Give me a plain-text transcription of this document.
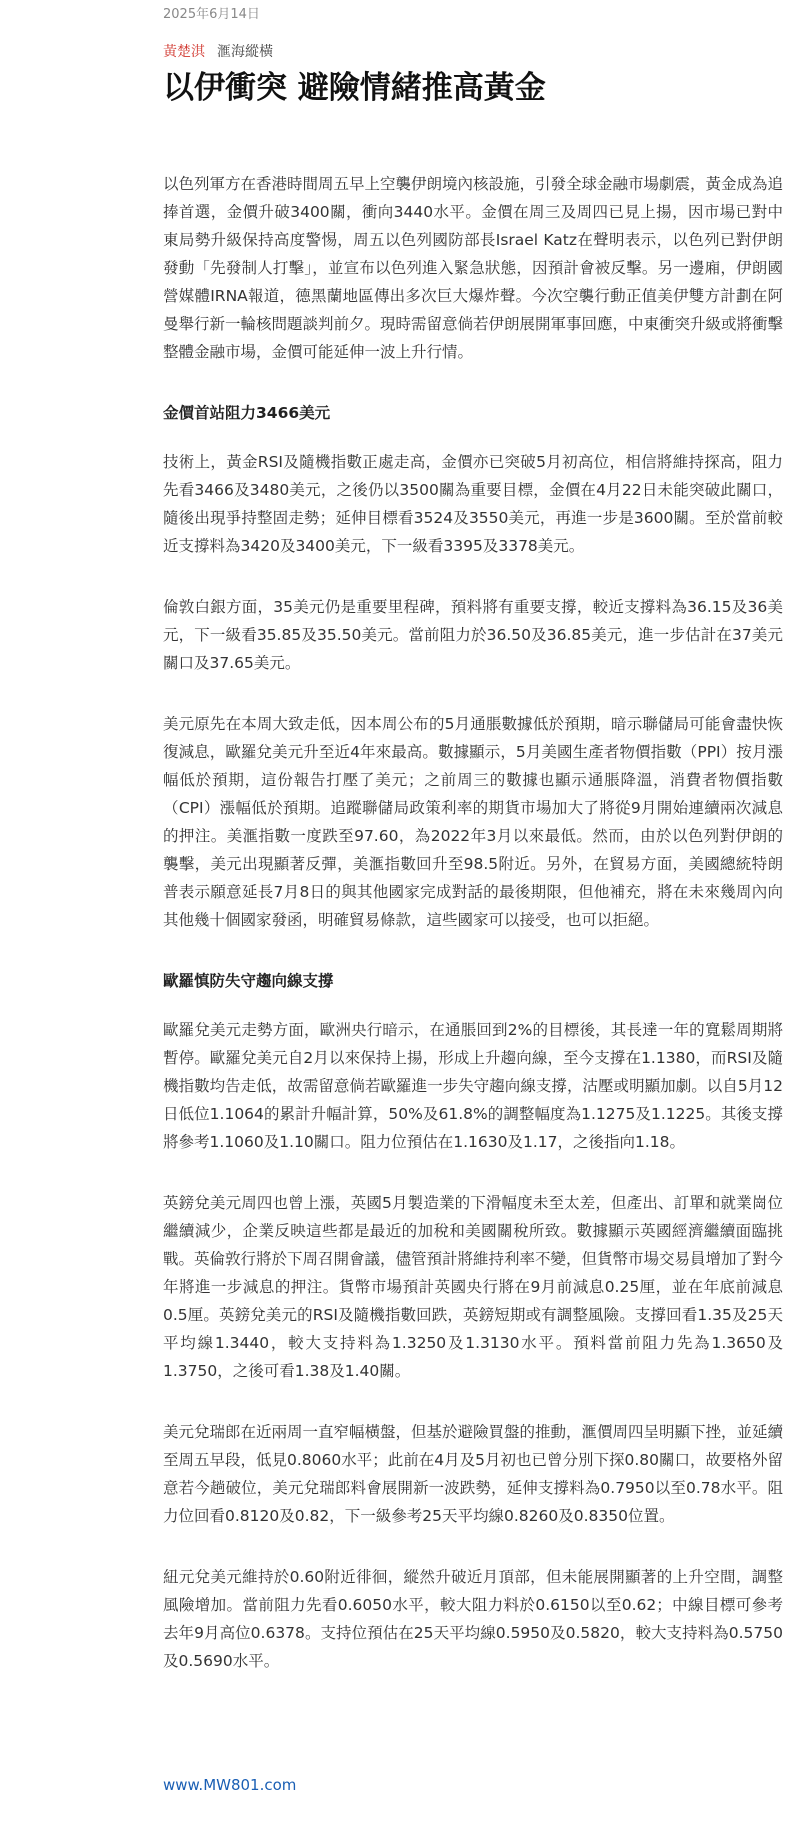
2025年6月14日
黃楚淇 滙海縱橫
以伊衝突 避險情緒推高黃金

以色列軍方在香港時間周五早上空襲伊朗境內核設施，引發全球金融市場劇震，黃金成為追捧首選，金價升破3400關，衝向3440水平。金價在周三及周四已見上揚，因市場已對中東局勢升級保持高度警惕，周五以色列國防部長Israel Katz在聲明表示，以色列已對伊朗發動「先發制人打擊」，並宣布以色列進入緊急狀態，因預計會被反擊。另一邊廂，伊朗國營媒體IRNA報道，德黑蘭地區傳出多次巨大爆炸聲。今次空襲行動正值美伊雙方計劃在阿曼舉行新一輪核問題談判前夕。現時需留意倘若伊朗展開軍事回應，中東衝突升級或將衝擊整體金融市場，金價可能延伸一波上升行情。

金價首站阻力3466美元

技術上，黃金RSI及隨機指數正處走高，金價亦已突破5月初高位，相信將維持探高，阻力先看3466及3480美元，之後仍以3500關為重要目標，金價在4月22日未能突破此關口，隨後出現爭持整固走勢；延伸目標看3524及3550美元，再進一步是3600關。至於當前較近支撐料為3420及3400美元，下一級看3395及3378美元。

倫敦白銀方面，35美元仍是重要里程碑，預料將有重要支撐，較近支撐料為36.15及36美元，下一級看35.85及35.50美元。當前阻力於36.50及36.85美元，進一步估計在37美元關口及37.65美元。

美元原先在本周大致走低，因本周公布的5月通脹數據低於預期，暗示聯儲局可能會盡快恢復減息，歐羅兌美元升至近4年來最高。數據顯示，5月美國生產者物價指數（PPI）按月漲幅低於預期，這份報告打壓了美元；之前周三的數據也顯示通脹降溫，消費者物價指數（CPI）漲幅低於預期。追蹤聯儲局政策利率的期貨市場加大了將從9月開始連續兩次減息的押注。美滙指數一度跌至97.60，為2022年3月以來最低。然而，由於以色列對伊朗的襲擊，美元出現顯著反彈，美滙指數回升至98.5附近。另外，在貿易方面，美國總統特朗普表示願意延長7月8日的與其他國家完成對話的最後期限，但他補充，將在未來幾周內向其他幾十個國家發函，明確貿易條款，這些國家可以接受，也可以拒絕。

歐羅慎防失守趨向線支撐

歐羅兌美元走勢方面，歐洲央行暗示，在通脹回到2%的目標後，其長達一年的寬鬆周期將暫停。歐羅兌美元自2月以來保持上揚，形成上升趨向線，至今支撐在1.1380，而RSI及隨機指數均告走低，故需留意倘若歐羅進一步失守趨向線支撐，沽壓或明顯加劇。以自5月12日低位1.1064的累計升幅計算，50%及61.8%的調整幅度為1.1275及1.1225。其後支撐將參考1.1060及1.10關口。阻力位預估在1.1630及1.17，之後指向1.18。

英鎊兌美元周四也曾上漲，英國5月製造業的下滑幅度未至太差，但產出、訂單和就業崗位繼續減少，企業反映這些都是最近的加稅和美國關稅所致。數據顯示英國經濟繼續面臨挑戰。英倫敦行將於下周召開會議，儘管預計將維持利率不變，但貨幣市場交易員增加了對今年將進一步減息的押注。貨幣市場預計英國央行將在9月前減息0.25厘，並在年底前減息0.5厘。英鎊兌美元的RSI及隨機指數回跌，英鎊短期或有調整風險。支撐回看1.35及25天平均線1.3440，較大支持料為1.3250及1.3130水平。預料當前阻力先為1.3650及1.3750，之後可看1.38及1.40關。

美元兌瑞郎在近兩周一直窄幅橫盤，但基於避險買盤的推動，滙價周四呈明顯下挫，並延續至周五早段，低見0.8060水平；此前在4月及5月初也已曾分別下探0.80關口，故要格外留意若今趟破位，美元兌瑞郎料會展開新一波跌勢，延伸支撐料為0.7950以至0.78水平。阻力位回看0.8120及0.82，下一級參考25天平均線0.8260及0.8350位置。

紐元兌美元維持於0.60附近徘徊，縱然升破近月頂部，但未能展開顯著的上升空間，調整風險增加。當前阻力先看0.6050水平，較大阻力料於0.6150以至0.62；中線目標可參考去年9月高位0.6378。支持位預估在25天平均線0.5950及0.5820，較大支持料為0.5750及0.5690水平。

www.MW801.com
